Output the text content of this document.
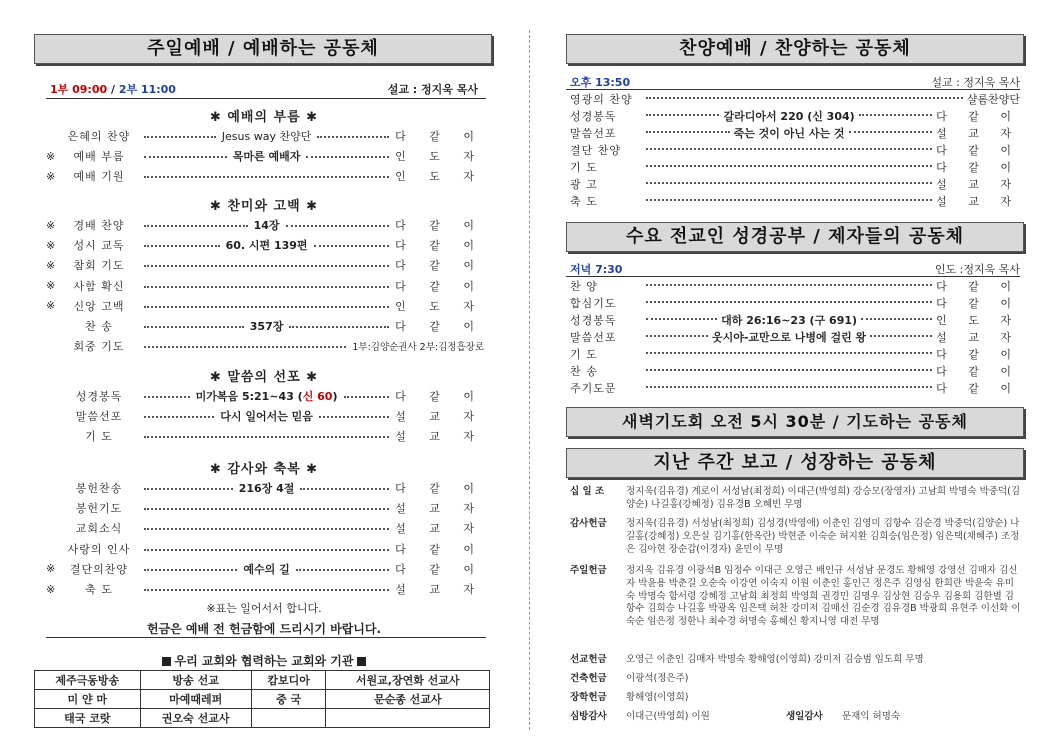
주일예배 / 예배하는 공동체
1부 09:00 / 2부 11:00	설교 : 정지욱 목사
✱ 예배의 부름 ✱
은혜의 찬양	Jesus way 찬양단	다 같 이
※	예배 부름	목마른 예배자	인 도 자
※	예배 기원	인 도 자
✱ 찬미와 고백 ✱
※	경배 찬양	14장	다 같 이
※	성시 교독	60. 시편 139편	다 같 이
※	참회 기도	다 같 이
※	사함 확신	다 같 이
※	신앙 고백	인 도 자
찬 송	357장	다 같 이
회중 기도	1부:김양순권사 2부:김정흡장로
✱ 말씀의 선포 ✱
성경봉독	미가복음 5:21~43 (신 60)	다 같 이
말씀선포	다시 일어서는 믿음	설 교 자
기 도	설 교 자
✱ 감사와 축복 ✱
봉헌찬송	216장 4절	다 같 이
봉헌기도	설 교 자
교회소식	설 교 자
사랑의 인사	다 같 이
※	결단의찬양	예수의 길	다 같 이
※	축 도	설 교 자
※표는 일어서서 합니다.
헌금은 예배 전 헌금함에 드리시기 바랍니다.
우리 교회와 협력하는 교회와 기관
제주극동방송	방송 선교	캄보디아	서원교,장연화 선교사
미 얀 마	마예때레퍼	중 국	문순종 선교사
태국 코랏	권오숙 선교사		
찬양예배 / 찬양하는 공동체
오후 13:50	설교 : 정지욱 목사
영광의 찬양	샬롬찬양단
성경봉독	갈라디아서 220 (신 304)	다 같 이
말씀선포	죽는 것이 아닌 사는 것	설 교 자
결단 찬양	다 같 이
기 도	다 같 이
광 고	설 교 자
축 도	설 교 자
수요 전교인 성경공부 / 제자들의 공동체
저녁 7:30	인도 :정지욱 목사
찬 양	다 같 이
합심기도	다 같 이
성경봉독	대하 26:16~23 (구 691)	인 도 자
말씀선포	웃시야-교만으로 나병에 걸린 왕	설 교 자
기 도	다 같 이
찬 송	다 같 이
주기도문	다 같 이
새벽기도회 오전 5시 30분 / 기도하는 공동체
지난 주간 보고 / 성장하는 공동체
십 일 조	정지욱(김유경) 계로이 서성남(최정희) 이대근(박영희) 강승모(장영자) 고남희 박명숙 박중덕(김양순) 나길홍(강혜정) 김유경B 오혜빈 무명
감사헌금	정지욱(김유경) 서성남(최정희) 김성경(박영애) 이춘인 김영미 김항수 김순경 박중덕(김양순) 나길홍(강혜정) 오은실 김기홍(한옥란) 박현준 이숙순 허지환 김희승(임은정) 임은택(채혜주) 조정은 김아현 장순갑(이경자) 윤민이 무명
주일헌금	정지욱 김유경 이광석B 임정수 이대근 오영근 배인규 서성남 문경도 황해영 강영선 김매자 김신자 박윤용 박춘길 오순숙 이강연 이숙지 이원 이춘인 홍인근 정은주 김영심 한희란 박윤숙 유미숙 박명숙 함서령 강혜정 고남희 최정희 박영희 권경민 김명우 김상현 김승우 김용희 김한별 김항수 김희승 나길홍 박광옥 임은택 허찬 강미저 김매선 김순경 김유경B 박광희 유현주 이선화 이숙순 임은정 정한나 최수경 허명숙 홍혜신 황지니영 대전 무명
선교헌금	오영근 이춘인 김매자 박명숙 황해영(이영희) 강미저 김승범 임도희 무명
건축헌금	이광석(정은주)
장학헌금	황해영(이영희)
심방감사	이대근(박영희) 이원	생일감사	문재익 허명숙
